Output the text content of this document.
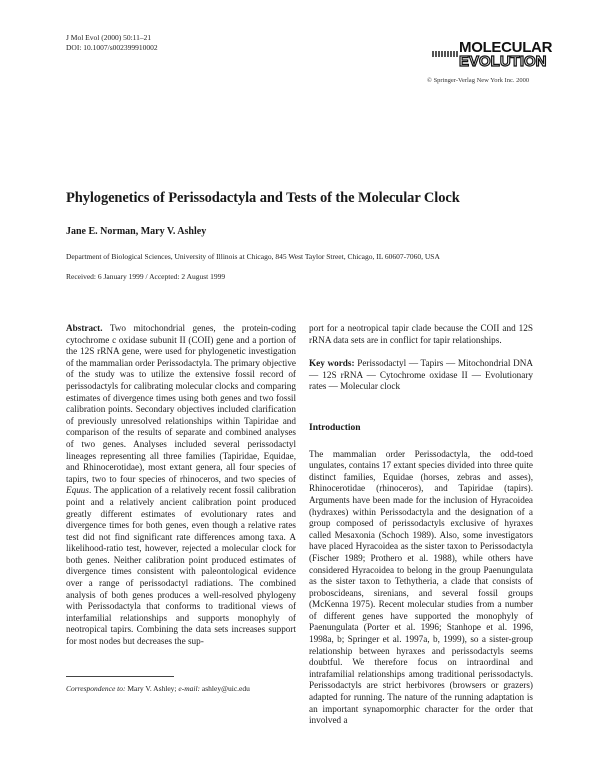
J Mol Evol (2000) 50:11–21
DOI: 10.1007/s002399910002	MOLECULAR
EVOLUTION
© Springer-Verlag New York Inc. 2000
Phylogenetics of Perissodactyla and Tests of the Molecular Clock
Jane E. Norman, Mary V. Ashley
Department of Biological Sciences, University of Illinois at Chicago, 845 West Taylor Street, Chicago, IL 60607-7060, USA
Received: 6 January 1999 / Accepted: 2 August 1999

Abstract. Two mitochondrial genes, the protein-coding cytochrome c oxidase subunit II (COII) gene and a portion of the 12S rRNA gene, were used for phylogenetic investigation of the mammalian order Perissodactyla. The primary objective of the study was to utilize the extensive fossil record of perissodactyls for calibrating molecular clocks and comparing estimates of divergence times using both genes and two fossil calibration points. Secondary objectives included clarification of previously unresolved relationships within Tapiridae and comparison of the results of separate and combined analyses of two genes. Analyses included several perissodactyl lineages representing all three families (Tapiridae, Equidae, and Rhinocerotidae), most extant genera, all four species of tapirs, two to four species of rhinoceros, and two species of Equus. The application of a relatively recent fossil calibration point and a relatively ancient calibration point produced greatly different estimates of evolutionary rates and divergence times for both genes, even though a relative rates test did not find significant rate differences among taxa. A likelihood-ratio test, however, rejected a molecular clock for both genes. Neither calibration point produced estimates of divergence times consistent with paleontological evidence over a range of perissodactyl radiations. The combined analysis of both genes produces a well-resolved phylogeny with Perissodactyla that conforms to traditional views of interfamilial relationships and supports monophyly of neotropical tapirs. Combining the data sets increases support for most nodes but decreases the sup-

port for a neotropical tapir clade because the COII and 12S rRNA data sets are in conflict for tapir relationships.

Key words: Perissodactyl — Tapirs — Mitochondrial DNA — 12S rRNA — Cytochrome oxidase II — Evolutionary rates — Molecular clock

Introduction

The mammalian order Perissodactyla, the odd-toed ungulates, contains 17 extant species divided into three quite distinct families, Equidae (horses, zebras and asses), Rhinocerotidae (rhinoceros), and Tapiridae (tapirs). Arguments have been made for the inclusion of Hyracoidea (hydraxes) within Perissodactyla and the designation of a group composed of perissodactyls exclusive of hyraxes called Mesaxonia (Schoch 1989). Also, some investigators have placed Hyracoidea as the sister taxon to Perissodactyla (Fischer 1989; Prothero et al. 1988), while others have considered Hyracoidea to belong in the group Paenungulata as the sister taxon to Tethytheria, a clade that consists of proboscideans, sirenians, and several fossil groups (McKenna 1975). Recent molecular studies from a number of different genes have supported the monophyly of Paenungulata (Porter et al. 1996; Stanhope et al. 1996, 1998a, b; Springer et al. 1997a, b, 1999), so a sister-group relationship between hyraxes and perissodactyls seems doubtful. We therefore focus on intraordinal and intrafamilial relationships among traditional perissodactyls. Perissodactyls are strict herbivores (browsers or grazers) adapted for running. The nature of the running adaptation is an important synapomorphic character for the order that involved a

Correspondence to: Mary V. Ashley; e-mail: ashley@uic.edu
